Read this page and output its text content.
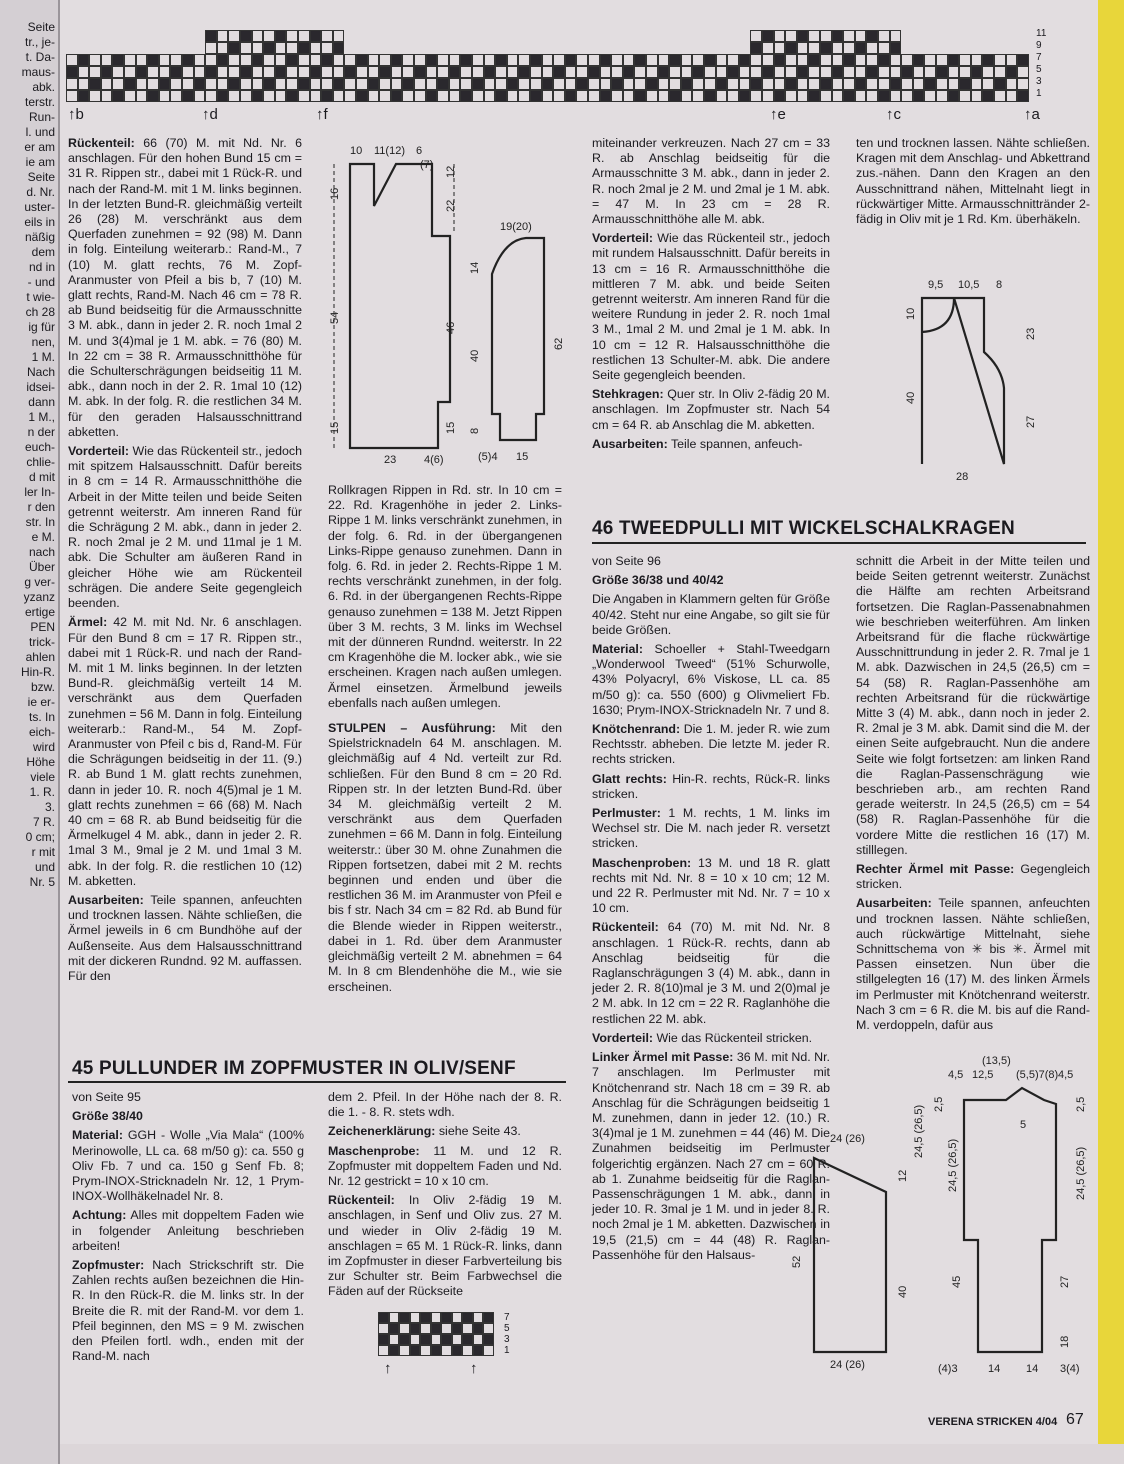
Seite
tr., je-
t. Da-
maus-
abk.
terstr.
Run-
l. und
er am
ie am
Seite
d. Nr.
uster-
eils in
näßig
dem
nd in
- und
t wie-
ch 28
ig für
nen,
1 M.
Nach
idsei-
dann
1 M.,
n der
euch-
chlie-
d mit
ler In-
r den
str. In
e M.
nach
Über
g ver-
yzanz
ertige
PEN
trick-
ahlen
Hin-R.
bzw.
ie er-
ts. In
eich-
wird
Höhe
viele
1. R.
3.
7 R.
0 cm;
r mit
und
Nr. 5
11
9
7
5
3
1
↑b	↑d	↑f	↑e	↑c	↑a

Rückenteil: 66 (70) M. mit Nd. Nr. 6 anschlagen. Für den hohen Bund 15 cm = 31 R. Rippen str., dabei mit 1 Rück-R. und nach der Rand-M. mit 1 M. links beginnen. In der letzten Bund-R. gleichmäßig verteilt 26 (28) M. verschränkt aus dem Querfaden zunehmen = 92 (98) M. Dann in folg. Einteilung weiterarb.: Rand-M., 7 (10) M. glatt rechts, 76 M. Zopf-Aranmuster von Pfeil a bis b, 7 (10) M. glatt rechts, Rand-M. Nach 46 cm = 78 R. ab Bund beidseitig für die Armausschnitte 3 M. abk., dann in jeder 2. R. noch 1mal 2 M. und 3(4)mal je 1 M. abk. = 76 (80) M. In 22 cm = 38 R. Armausschnitthöhe für die Schulterschrägungen beidseitig 11 M. abk., dann noch in der 2. R. 1mal 10 (12) M. abk. In der folg. R. die restlichen 34 M. für den geraden Halsausschnittrand abketten.

Vorderteil: Wie das Rückenteil str., jedoch mit spitzem Halsausschnitt. Dafür bereits in 8 cm = 14 R. Armausschnitthöhe die Arbeit in der Mitte teilen und beide Seiten getrennt weiterstr. Am inneren Rand für die Schrägung 2 M. abk., dann in jeder 2. R. noch 2mal je 2 M. und 11mal je 1 M. abk. Die Schulter am äußeren Rand in gleicher Höhe wie am Rückenteil schrägen. Die andere Seite gegengleich beenden.

Ärmel: 42 M. mit Nd. Nr. 6 anschlagen. Für den Bund 8 cm = 17 R. Rippen str., dabei mit 1 Rück-R. und nach der Rand-M. mit 1 M. links beginnen. In der letzten Bund-R. gleichmäßig verteilt 14 M. verschränkt aus dem Querfaden zunehmen = 56 M. Dann in folg. Einteilung weiterarb.: Rand-M., 54 M. Zopf-Aranmuster von Pfeil c bis d, Rand-M. Für die Schrägungen beidseitig in der 11. (9.) R. ab Bund 1 M. glatt rechts zunehmen, dann in jeder 10. R. noch 4(5)mal je 1 M. glatt rechts zunehmen = 66 (68) M. Nach 40 cm = 68 R. ab Bund beidseitig für die Ärmelkugel 4 M. abk., dann in jeder 2. R. 1mal 3 M., 9mal je 2 M. und 1mal 3 M. abk. In der folg. R. die restlichen 10 (12) M. abketten.

Ausarbeiten: Teile spannen, anfeuchten und trocknen lassen. Nähte schließen, die Ärmel jeweils in 6 cm Bundhöhe auf der Außenseite. Aus dem Halsausschnittrand mit der dickeren Rundnd. 92 M. auffassen. Für den

10 11(12) 6
(7)
16
22
12
54
46
15	15
23	4(6)
19(20)
14
40
62
8
(5)4 15

Rollkragen Rippen in Rd. str. In 10 cm = 22. Rd. Kragenhöhe in jeder 2. Links-Rippe 1 M. links verschränkt zunehmen, in der folg. 6. Rd. in der übergangenen Links-Rippe genauso zunehmen. Dann in folg. 6. Rd. in jeder 2. Rechts-Rippe 1 M. rechts verschränkt zunehmen, in der folg. 6. Rd. in der übergangenen Rechts-Rippe genauso zunehmen = 138 M. Jetzt Rippen über 3 M. rechts, 3 M. links im Wechsel mit der dünneren Rundnd. weiterstr. In 22 cm Kragenhöhe die M. locker abk., wie sie erscheinen. Kragen nach außen umlegen. Ärmel einsetzen. Ärmelbund jeweils ebenfalls nach außen umlegen.

STULPEN – Ausführung: Mit den Spielstricknadeln 64 M. anschlagen. M. gleichmäßig auf 4 Nd. verteilt zur Rd. schließen. Für den Bund 8 cm = 20 Rd. Rippen str. In der letzten Bund-Rd. über 34 M. gleichmäßig verteilt 2 M. verschränkt aus dem Querfaden zunehmen = 66 M. Dann in folg. Einteilung weiterstr.: über 30 M. ohne Zunahmen die Rippen fortsetzen, dabei mit 2 M. rechts beginnen und enden und über die restlichen 36 M. im Aranmuster von Pfeil e bis f str. Nach 34 cm = 82 Rd. ab Bund für die Blende wieder in Rippen weiterstr., dabei in 1. Rd. über dem Aranmuster gleichmäßig verteilt 2 M. abnehmen = 64 M. In 8 cm Blendenhöhe die M., wie sie erscheinen.

miteinander verkreuzen. Nach 27 cm = 33 R. ab Anschlag beidseitig für die Armausschnitte 3 M. abk., dann in jeder 2. R. noch 2mal je 2 M. und 2mal je 1 M. abk. = 47 M. In 23 cm = 28 R. Armausschnitthöhe alle M. abk.

Vorderteil: Wie das Rückenteil str., jedoch mit rundem Halsausschnitt. Dafür bereits in 13 cm = 16 R. Armausschnitthöhe die mittleren 7 M. abk. und beide Seiten getrennt weiterstr. Am inneren Rand für die weitere Rundung in jeder 2. R. noch 1mal 3 M., 1mal 2 M. und 2mal je 1 M. abk. In 10 cm = 12 R. Halsausschnitthöhe die restlichen 13 Schulter-M. abk. Die andere Seite gegengleich beenden.

Stehkragen: Quer str. In Oliv 2-fädig 20 M. anschlagen. Im Zopfmuster str. Nach 54 cm = 64 R. ab Anschlag die M. abketten.

Ausarbeiten: Teile spannen, anfeuch-

ten und trocknen lassen. Nähte schließen. Kragen mit dem Anschlag- und Abkettrand zus.-nähen. Dann den Kragen an den Ausschnittrand nähen, Mittelnaht liegt in rückwärtiger Mitte. Armausschnittränder 2-fädig in Oliv mit je 1 Rd. Km. überhäkeln.

9,5 10,5 8
10
23
40
27
28
46 TWEEDPULLI MIT WICKELSCHALKRAGEN

von Seite 96

Größe 36/38 und 40/42

Die Angaben in Klammern gelten für Größe 40/42. Steht nur eine Angabe, so gilt sie für beide Größen.

Material: Schoeller + Stahl-Tweedgarn „Wonderwool Tweed“ (51% Schurwolle, 43% Polyacryl, 6% Viskose, LL ca. 85 m/50 g): ca. 550 (600) g Olivmeliert Fb. 1630; Prym-INOX-Stricknadeln Nr. 7 und 8.

Knötchenrand: Die 1. M. jeder R. wie zum Rechtsstr. abheben. Die letzte M. jeder R. rechts stricken.

Glatt rechts: Hin-R. rechts, Rück-R. links stricken.

Perlmuster: 1 M. rechts, 1 M. links im Wechsel str. Die M. nach jeder R. versetzt stricken.

Maschenproben: 13 M. und 18 R. glatt rechts mit Nd. Nr. 8 = 10 x 10 cm; 12 M. und 22 R. Perlmuster mit Nd. Nr. 7 = 10 x 10 cm.

Rückenteil: 64 (70) M. mit Nd. Nr. 8 anschlagen. 1 Rück-R. rechts, dann ab Anschlag beidseitig für die Raglanschrägungen 3 (4) M. abk., dann in jeder 2. R. 8(10)mal je 3 M. und 2(0)mal je 2 M. abk. In 12 cm = 22 R. Raglanhöhe die restlichen 22 M. abk.

Vorderteil: Wie das Rückenteil stricken.

Linker Ärmel mit Passe: 36 M. mit Nd. Nr. 7 anschlagen. Im Perlmuster mit Knötchenrand str. Nach 18 cm = 39 R. ab Anschlag für die Schrägungen beidseitig 1 M. zunehmen, dann in jeder 12. (10.) R. 3(4)mal je 1 M. zunehmen = 44 (46) M. Die Zunahmen beidseitig im Perlmuster folgerichtig ergänzen. Nach 27 cm = 60 R. ab 1. Zunahme beidseitig für die Raglan-Passenschrägungen 1 M. abk., dann in jeder 10. R. 3mal je 1 M. und in jeder 8. R. noch 2mal je 1 M. abketten. Dazwischen in 19,5 (21,5) cm = 44 (48) R. Raglan-Passenhöhe für den Halsaus-

schnitt die Arbeit in der Mitte teilen und beide Seiten getrennt weiterstr. Zunächst die Hälfte am rechten Arbeitsrand fortsetzen. Die Raglan-Passenabnahmen wie beschrieben weiterführen. Am linken Arbeitsrand für die flache rückwärtige Ausschnittrundung in jeder 2. R. 7mal je 1 M. abk. Dazwischen in 24,5 (26,5) cm = 54 (58) R. Raglan-Passenhöhe am rechten Arbeitsrand für die rückwärtige Mitte 3 (4) M. abk., dann noch in jeder 2. R. 2mal je 3 M. abk. Damit sind die M. der einen Seite aufgebraucht. Nun die andere Seite wie folgt fortsetzen: am linken Rand die Raglan-Passenschrägung wie beschrieben arb., am rechten Rand gerade weiterstr. In 24,5 (26,5) cm = 54 (58) R. Raglan-Passenhöhe für die vordere Mitte die restlichen 16 (17) M. stilllegen.

Rechter Ärmel mit Passe: Gegengleich stricken.

Ausarbeiten: Teile spannen, anfeuchten und trocknen lassen. Nähte schließen, auch rückwärtige Mittelnaht, siehe Schnittschema von ✳ bis ✳. Ärmel mit Passen einsetzen. Nun über die stillgelegten 16 (17) M. des linken Ärmels im Perlmuster mit Knötchenrand weiterstr. Nach 3 cm = 6 R. die M. bis auf die Rand-M. verdoppeln, dafür aus

24 (26)
12
24,5 (26,5)
52
40
24 (26)
(13,5)
4,5 12,5 (5,5)7(8) 4,5
2,5
24,5 (26,5)
45
5
2,5
24,5 (26,5)
27
18
(4)3	14 14 3(4)
45 PULLUNDER IM ZOPFMUSTER IN OLIV/SENF

von Seite 95

Größe 38/40

Material: GGH - Wolle „Via Mala“ (100% Merinowolle, LL ca. 68 m/50 g): ca. 550 g Oliv Fb. 7 und ca. 150 g Senf Fb. 8; Prym-INOX-Stricknadeln Nr. 12, 1 Prym-INOX-Wollhäkelnadel Nr. 8.

Achtung: Alles mit doppeltem Faden wie in folgender Anleitung beschrieben arbeiten!

Zopfmuster: Nach Strickschrift str. Die Zahlen rechts außen bezeichnen die Hin-R. In den Rück-R. die M. links str. In der Breite die R. mit der Rand-M. vor dem 1. Pfeil beginnen, den MS = 9 M. zwischen den Pfeilen fortl. wdh., enden mit der Rand-M. nach

dem 2. Pfeil. In der Höhe nach der 8. R. die 1. - 8. R. stets wdh.

Zeichenerklärung: siehe Seite 43.

Maschenprobe: 11 M. und 12 R. Zopfmuster mit doppeltem Faden und Nd. Nr. 12 gestrickt = 10 x 10 cm.

Rückenteil: In Oliv 2-fädig 19 M. anschlagen, in Senf und Oliv zus. 27 M. und wieder in Oliv 2-fädig 19 M. anschlagen = 65 M. 1 Rück-R. links, dann im Zopfmuster in dieser Farbverteilung bis zur Schulter str. Beim Farbwechsel die Fäden auf der Rückseite

7
5
3
1
↑	↑
VERENA STRICKEN 4/04 67
